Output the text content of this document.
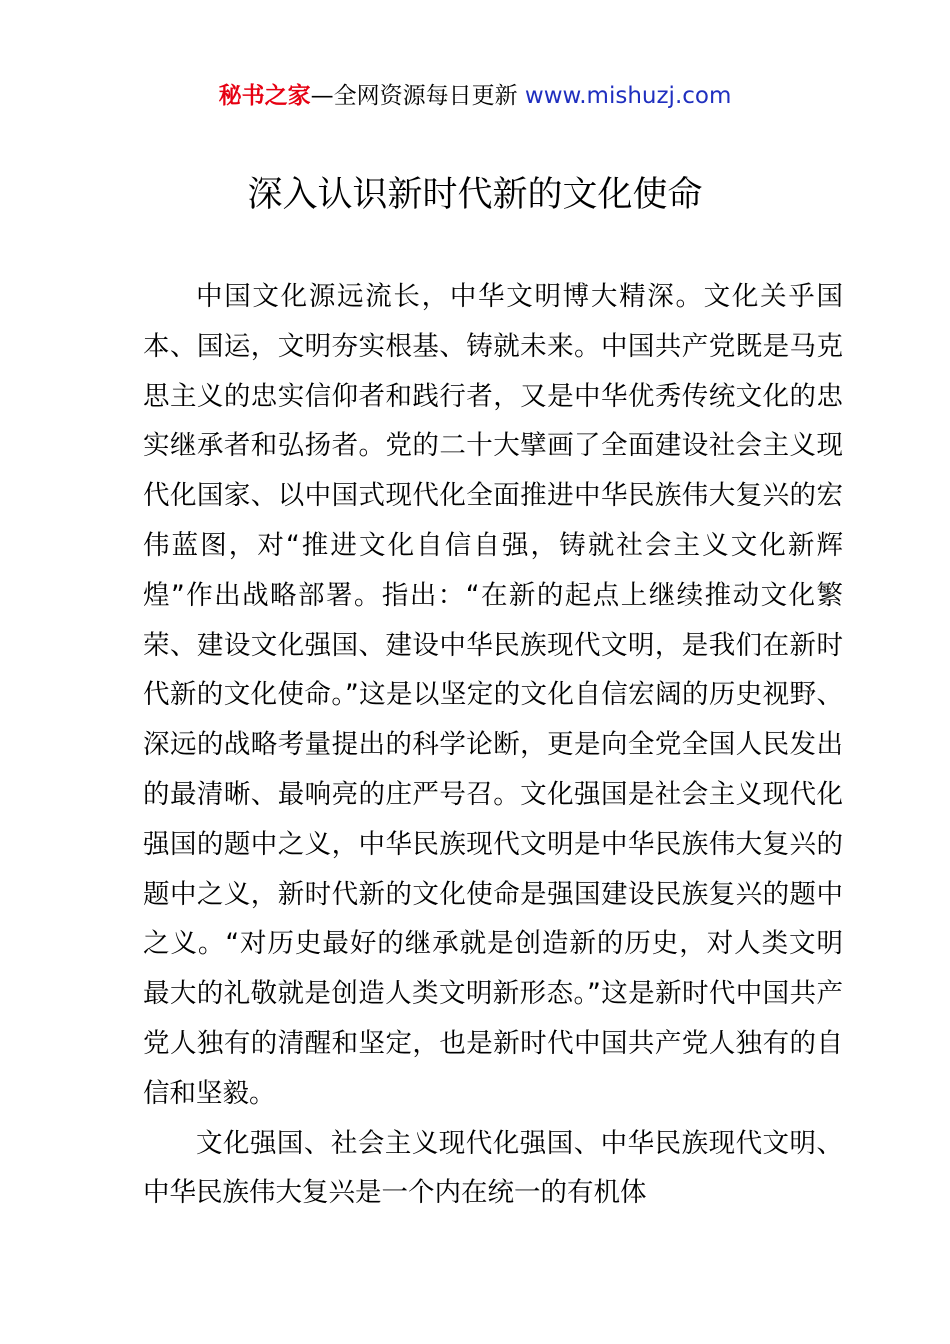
秘书之家—全网资源每日更新 www.mishuzj.com
深入认识新时代新的文化使命

中国文化源远流长，中华文明博大精深。文化关乎国本、国运，文明夯实根基、铸就未来。中国共产党既是马克思主义的忠实信仰者和践行者，又是中华优秀传统文化的忠实继承者和弘扬者。党的二十大擘画了全面建设社会主义现代化国家、以中国式现代化全面推进中华民族伟大复兴的宏伟蓝图，对“推进文化自信自强，铸就社会主义文化新辉煌”作出战略部署。指出：“在新的起点上继续推动文化繁荣、建设文化强国、建设中华民族现代文明，是我们在新时代新的文化使命。”这是以坚定的文化自信宏阔的历史视野、深远的战略考量提出的科学论断，更是向全党全国人民发出的最清晰、最响亮的庄严号召。文化强国是社会主义现代化强国的题中之义，中华民族现代文明是中华民族伟大复兴的题中之义，新时代新的文化使命是强国建设民族复兴的题中之义。“对历史最好的继承就是创造新的历史，对人类文明最大的礼敬就是创造人类文明新形态。”这是新时代中国共产党人独有的清醒和坚定，也是新时代中国共产党人独有的自信和坚毅。

文化强国、社会主义现代化强国、中华民族现代文明、中华民族伟大复兴是一个内在统一的有机体
